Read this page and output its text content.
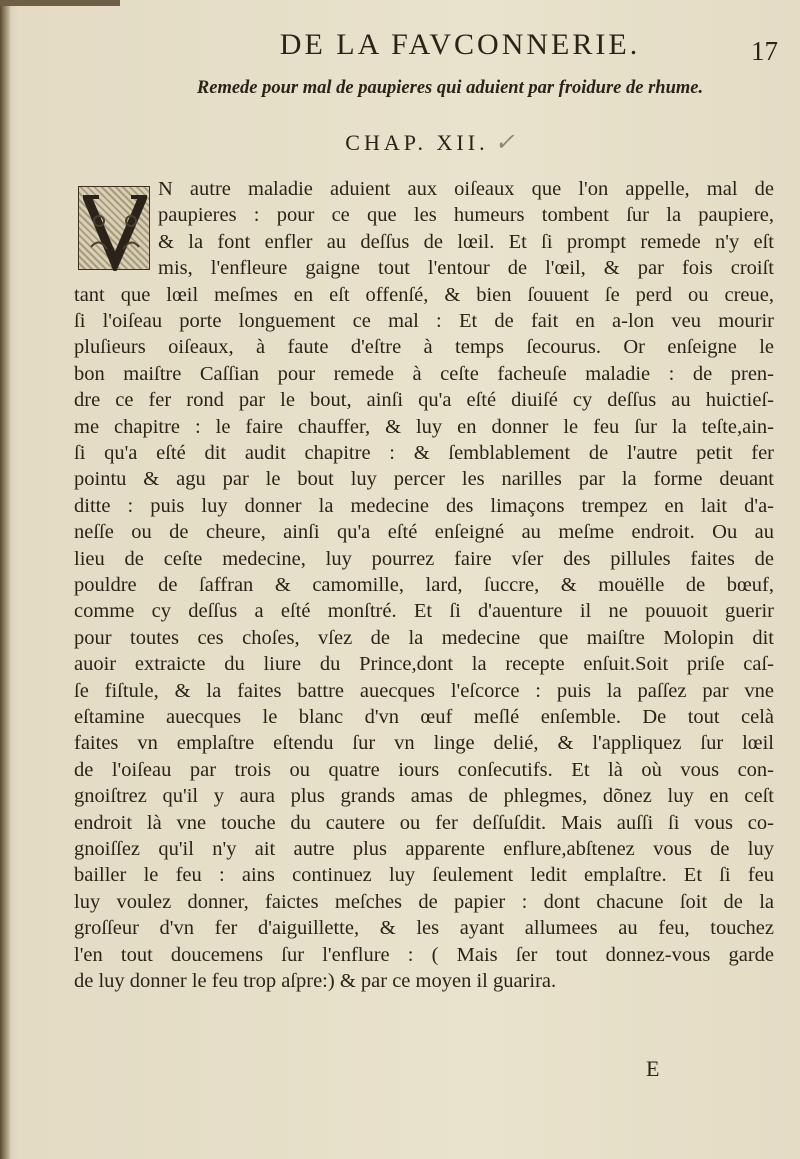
DE LA FAVCONNERIE.	17
Remede pour mal de paupieres qui aduient par froidure de rhume.
CHAP. XII. ✓
N autre maladie aduient aux oiſeaux que l'on appelle, mal de
paupieres : pour ce que les humeurs tombent ſur la paupiere,
& la font enfler au deſſus de lœil. Et ſi prompt remede n'y eſt
mis, l'enfleure gaigne tout l'entour de l'œil, & par fois croiſt
tant que lœil meſmes en eſt offenſé, & bien ſouuent ſe perd ou creue,
ſi l'oiſeau porte longuement ce mal : Et de fait en a-lon veu mourir
pluſieurs oiſeaux, à faute d'eſtre à temps ſecourus. Or enſeigne le
bon maiſtre Caſſian pour remede à ceſte facheuſe maladie : de pren-
dre ce fer rond par le bout, ainſi qu'a eſté diuiſé cy deſſus au huictieſ-
me chapitre : le faire chauffer, & luy en donner le feu ſur la teſte,ain-
ſi qu'a eſté dit audit chapitre : & ſemblablement de l'autre petit fer
pointu & agu par le bout luy percer les narilles par la forme deuant
ditte : puis luy donner la medecine des limaçons trempez en lait d'a-
neſſe ou de cheure, ainſi qu'a eſté enſeigné au meſme endroit. Ou au
lieu de ceſte medecine, luy pourrez faire vſer des pillules faites de
pouldre de ſaffran & camomille, lard, ſuccre, & mouëlle de bœuf,
comme cy deſſus a eſté monſtré. Et ſi d'auenture il ne pouuoit guerir
pour toutes ces choſes, vſez de la medecine que maiſtre Molopin dit
auoir extraicte du liure du Prince,dont la recepte enſuit.Soit priſe caſ-
ſe fiſtule, & la faites battre auecques l'eſcorce : puis la paſſez par vne
eſtamine auecques le blanc d'vn œuf meſlé enſemble. De tout celà
faites vn emplaſtre eſtendu ſur vn linge delié, & l'appliquez ſur lœil
de l'oiſeau par trois ou quatre iours conſecutifs. Et là où vous con-
gnoiſtrez qu'il y aura plus grands amas de phlegmes, dõnez luy en ceſt
endroit là vne touche du cautere ou fer deſſuſdit. Mais auſſi ſi vous co-
gnoiſſez qu'il n'y ait autre plus apparente enflure,abſtenez vous de luy
bailler le feu : ains continuez luy ſeulement ledit emplaſtre. Et ſi feu
luy voulez donner, faictes meſches de papier : dont chacune ſoit de la
groſſeur d'vn fer d'aiguillette, & les ayant allumees au feu, touchez
l'en tout doucemens ſur l'enflure : ( Mais ſer tout donnez-vous garde
de luy donner le feu trop aſpre:) & par ce moyen il guarira.
E
